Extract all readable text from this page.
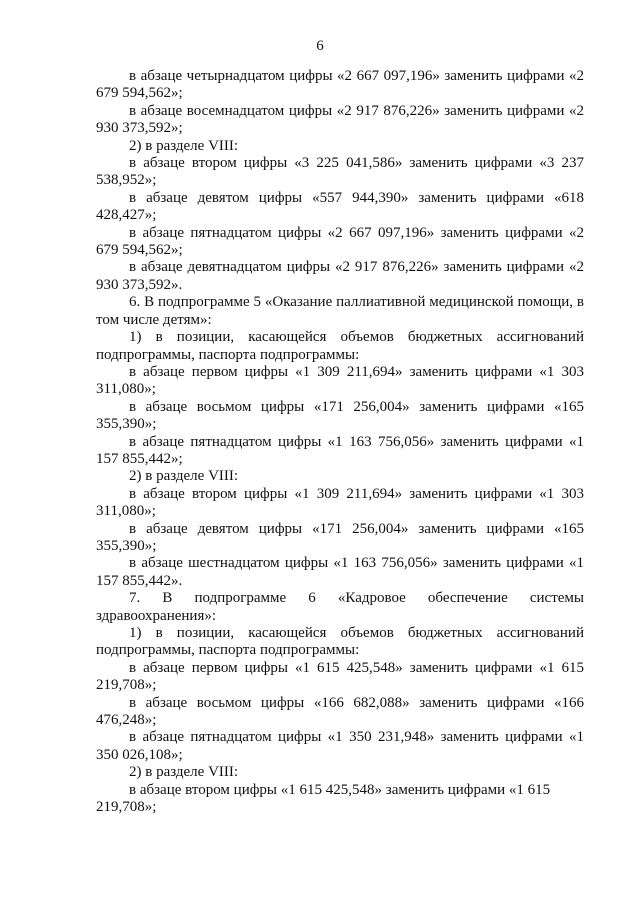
6

в абзаце четырнадцатом цифры «2 667 097,196» заменить цифрами «2 679 594,562»;

в абзаце восемнадцатом цифры «2 917 876,226» заменить цифрами «2 930 373,592»;

2) в разделе VIII:

в абзаце втором цифры «3 225 041,586» заменить цифрами «3 237 538,952»;

в абзаце девятом цифры «557 944,390» заменить цифрами «618 428,427»;

в абзаце пятнадцатом цифры «2 667 097,196» заменить цифрами «2 679 594,562»;

в абзаце девятнадцатом цифры «2 917 876,226» заменить цифрами «2 930 373,592».

6. В подпрограмме 5 «Оказание паллиативной медицинской помощи, в том числе детям»:

1) в позиции, касающейся объемов бюджетных ассигнований подпрограммы, паспорта подпрограммы:

в абзаце первом цифры «1 309 211,694» заменить цифрами «1 303 311,080»;

в абзаце восьмом цифры «171 256,004» заменить цифрами «165 355,390»;

в абзаце пятнадцатом цифры «1 163 756,056» заменить цифрами «1 157 855,442»;

2) в разделе VIII:

в абзаце втором цифры «1 309 211,694» заменить цифрами «1 303 311,080»;

в абзаце девятом цифры «171 256,004» заменить цифрами «165 355,390»;

в абзаце шестнадцатом цифры «1 163 756,056» заменить цифрами «1 157 855,442».

7. В подпрограмме 6 «Кадровое обеспечение системы здравоохранения»:

1) в позиции, касающейся объемов бюджетных ассигнований подпрограммы, паспорта подпрограммы:

в абзаце первом цифры «1 615 425,548» заменить цифрами «1 615 219,708»;

в абзаце восьмом цифры «166 682,088» заменить цифрами «166 476,248»;

в абзаце пятнадцатом цифры «1 350 231,948» заменить цифрами «1 350 026,108»;

2) в разделе VIII:

в абзаце втором цифры «1 615 425,548» заменить цифрами «1 615 219,708»;
